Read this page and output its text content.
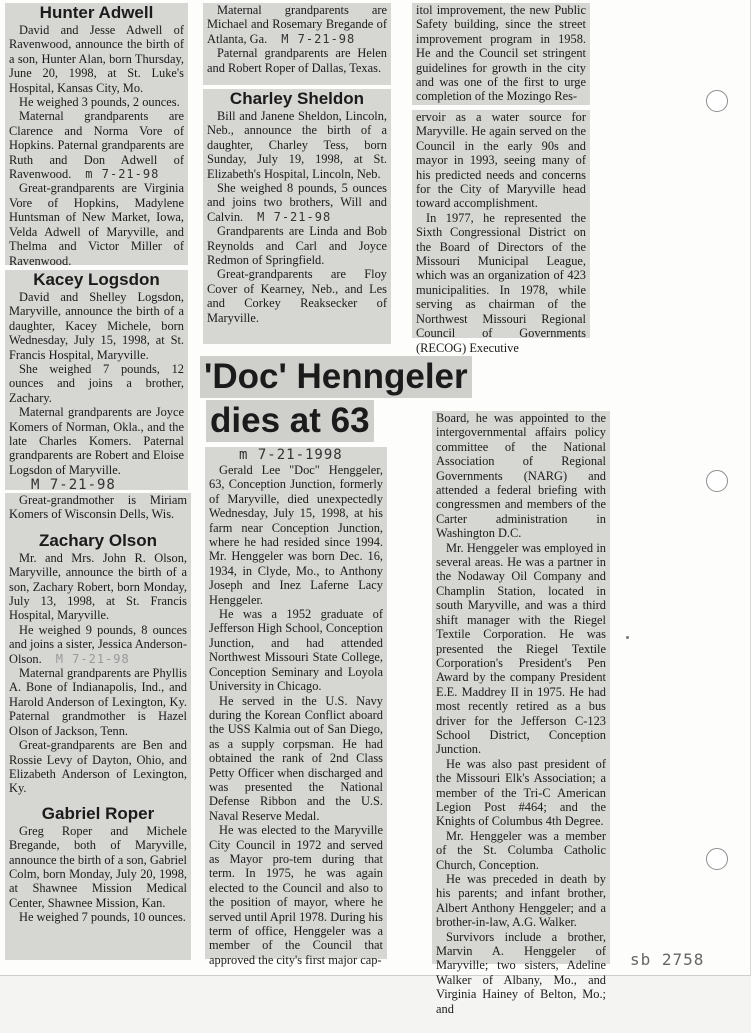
Hunter Adwell

David and Jesse Adwell of Ravenwood, announce the birth of a son, Hunter Alan, born Thursday, June 20, 1998, at St. Luke's Hospital, Kansas City, Mo.

He weighed 3 pounds, 2 ounces.

Maternal grandparents are Clarence and Norma Vore of Hopkins. Paternal grandparents are Ruth and Don Adwell of Ravenwood. m 7-21-98

Great-grandparents are Virginia Vore of Hopkins, Madylene Huntsman of New Market, Iowa, Velda Adwell of Maryville, and Thelma and Victor Miller of Ravenwood.

Kacey Logsdon

David and Shelley Logsdon, Maryville, announce the birth of a daughter, Kacey Michele, born Wednesday, July 15, 1998, at St. Francis Hospital, Maryville.

She weighed 7 pounds, 12 ounces and joins a brother, Zachary.

Maternal grandparents are Joyce Komers of Norman, Okla., and the late Charles Komers. Paternal grandparents are Robert and Eloise Logsdon of Maryville.

M 7-21-98

Great-grandmother is Miriam Komers of Wisconsin Dells, Wis.

Zachary Olson

Mr. and Mrs. John R. Olson, Maryville, announce the birth of a son, Zachary Robert, born Monday, July 13, 1998, at St. Francis Hospital, Maryville.

He weighed 9 pounds, 8 ounces and joins a sister, Jessica Anderson-Olson. M 7-21-98

Maternal grandparents are Phyllis A. Bone of Indianapolis, Ind., and Harold Anderson of Lexington, Ky. Paternal grandmother is Hazel Olson of Jackson, Tenn.

Great-grandparents are Ben and Rossie Levy of Dayton, Ohio, and Elizabeth Anderson of Lexington, Ky.

Gabriel Roper

Greg Roper and Michele Bregande, both of Maryville, announce the birth of a son, Gabriel Colm, born Monday, July 20, 1998, at Shawnee Mission Medical Center, Shawnee Mission, Kan.

He weighed 7 pounds, 10 ounces.

Maternal grandparents are Michael and Rosemary Bregande of Atlanta, Ga. M 7-21-98

Paternal grandparents are Helen and Robert Roper of Dallas, Texas.

Charley Sheldon

Bill and Janene Sheldon, Lincoln, Neb., announce the birth of a daughter, Charley Tess, born Sunday, July 19, 1998, at St. Elizabeth's Hospital, Lincoln, Neb.

She weighed 8 pounds, 5 ounces and joins two brothers, Will and Calvin. M 7-21-98

Grandparents are Linda and Bob Reynolds and Carl and Joyce Redmon of Springfield.

Great-grandparents are Floy Cover of Kearney, Neb., and Les and Corkey Reaksecker of Maryville.

itol improvement, the new Public Safety building, since the street improvement program in 1958. He and the Council set stringent guidelines for growth in the city and was one of the first to urge completion of the Mozingo Res-

ervoir as a water source for Maryville. He again served on the Council in the early 90s and mayor in 1993, seeing many of his predicted needs and concerns for the City of Maryville head toward accomplishment.

In 1977, he represented the Sixth Congressional District on the Board of Directors of the Missouri Municipal League, which was an organization of 423 municipalities. In 1978, while serving as chairman of the Northwest Missouri Regional Council of Governments (RECOG) Executive

'Doc' Henngeler
dies at 63
m 7-21-1998

Gerald Lee "Doc" Henggeler, 63, Conception Junction, formerly of Maryville, died unexpectedly Wednesday, July 15, 1998, at his farm near Conception Junction, where he had resided since 1994. Mr. Henggeler was born Dec. 16, 1934, in Clyde, Mo., to Anthony Joseph and Inez Laferne Lacy Henggeler.

He was a 1952 graduate of Jefferson High School, Conception Junction, and had attended Northwest Missouri State College, Conception Seminary and Loyola University in Chicago.

He served in the U.S. Navy during the Korean Conflict aboard the USS Kalmia out of San Diego, as a supply corpsman. He had obtained the rank of 2nd Class Petty Officer when discharged and was presented the National Defense Ribbon and the U.S. Naval Reserve Medal.

He was elected to the Maryville City Council in 1972 and served as Mayor pro-tem during that term. In 1975, he was again elected to the Council and also to the position of mayor, where he served until April 1978. During his term of office, Henggeler was a member of the Council that approved the city's first major cap-

Board, he was appointed to the intergovernmental affairs policy committee of the National Association of Regional Governments (NARG) and attended a federal briefing with congressmen and members of the Carter administration in Washington D.C.

Mr. Henggeler was employed in several areas. He was a partner in the Nodaway Oil Company and Champlin Station, located in south Maryville, and was a third shift manager with the Riegel Textile Corporation. He was presented the Riegel Textile Corporation's President's Pen Award by the company President E.E. Maddrey II in 1975. He had most recently retired as a bus driver for the Jefferson C-123 School District, Conception Junction.

He was also past president of the Missouri Elk's Association; a member of the Tri-C American Legion Post #464; and the Knights of Columbus 4th Degree.

Mr. Henggeler was a member of the St. Columba Catholic Church, Conception.

He was preceded in death by his parents; and infant brother, Albert Anthony Henggeler; and a brother-in-law, A.G. Walker.

Survivors include a brother, Marvin A. Henggeler of Maryville; two sisters, Adeline Walker of Albany, Mo., and Virginia Hainey of Belton, Mo.; and

sb 2758
